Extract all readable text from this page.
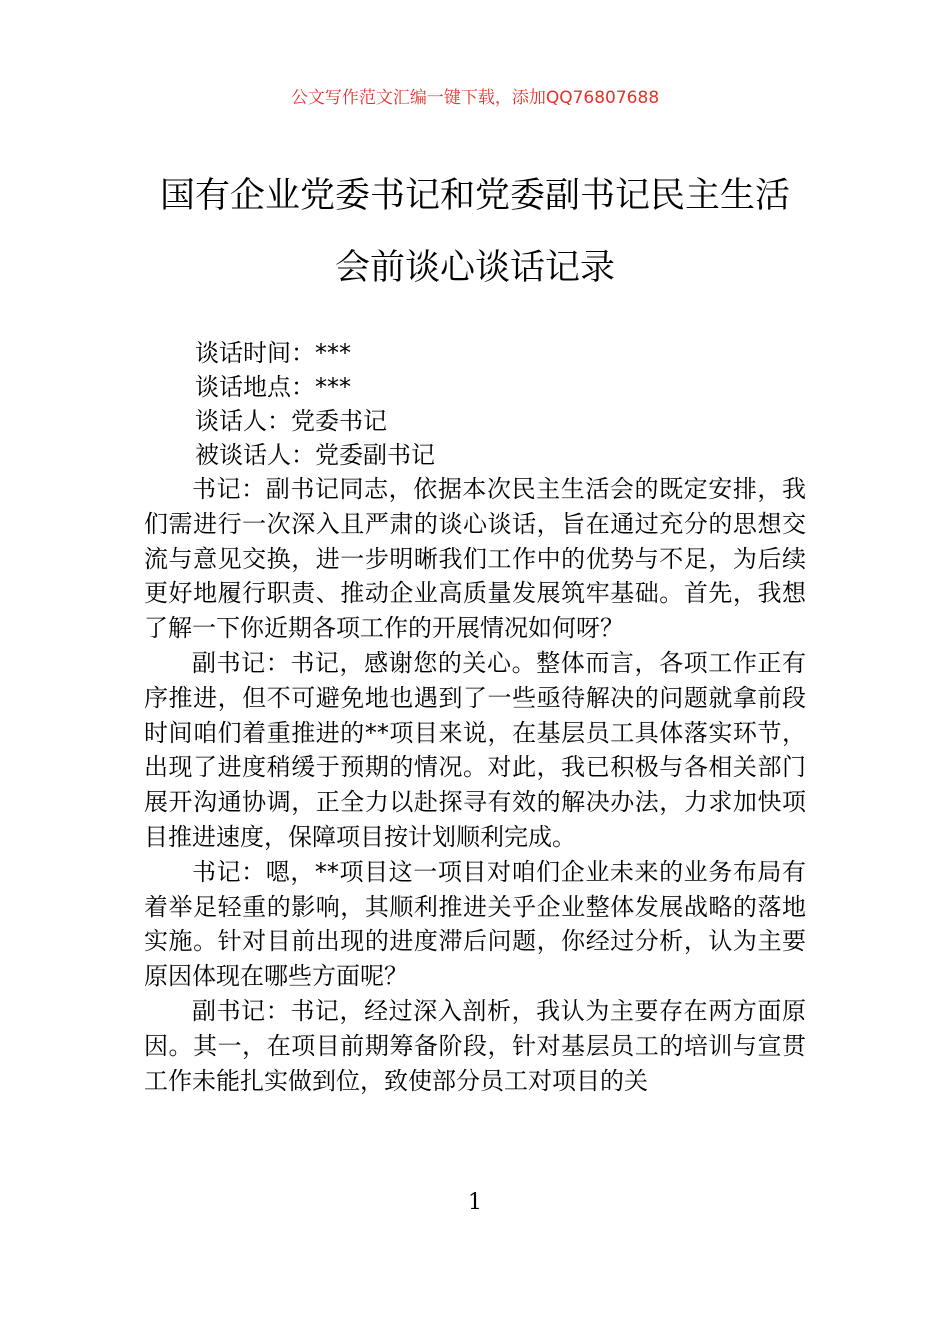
公文写作范文汇编一键下载，添加QQ76807688
国有企业党委书记和党委副书记民主生活
会前谈心谈话记录
谈话时间：***
谈话地点：***
谈话人：党委书记
被谈话人：党委副书记

书记：副书记同志，依据本次民主生活会的既定安排，我们需进行一次深入且严肃的谈心谈话，旨在通过充分的思想交流与意见交换，进一步明晰我们工作中的优势与不足，为后续更好地履行职责、推动企业高质量发展筑牢基础。首先，我想了解一下你近期各项工作的开展情况如何呀？

副书记：书记，感谢您的关心。整体而言，各项工作正有序推进，但不可避免地也遇到了一些亟待解决的问题就拿前段时间咱们着重推进的**项目来说，在基层员工具体落实环节，出现了进度稍缓于预期的情况。对此，我已积极与各相关部门展开沟通协调，正全力以赴探寻有效的解决办法，力求加快项目推进速度，保障项目按计划顺利完成。

书记：嗯，**项目这一项目对咱们企业未来的业务布局有着举足轻重的影响，其顺利推进关乎企业整体发展战略的落地实施。针对目前出现的进度滞后问题，你经过分析，认为主要原因体现在哪些方面呢？

副书记：书记，经过深入剖析，我认为主要存在两方面原因。其一，在项目前期筹备阶段，针对基层员工的培训与宣贯工作未能扎实做到位，致使部分员工对项目的关

1
